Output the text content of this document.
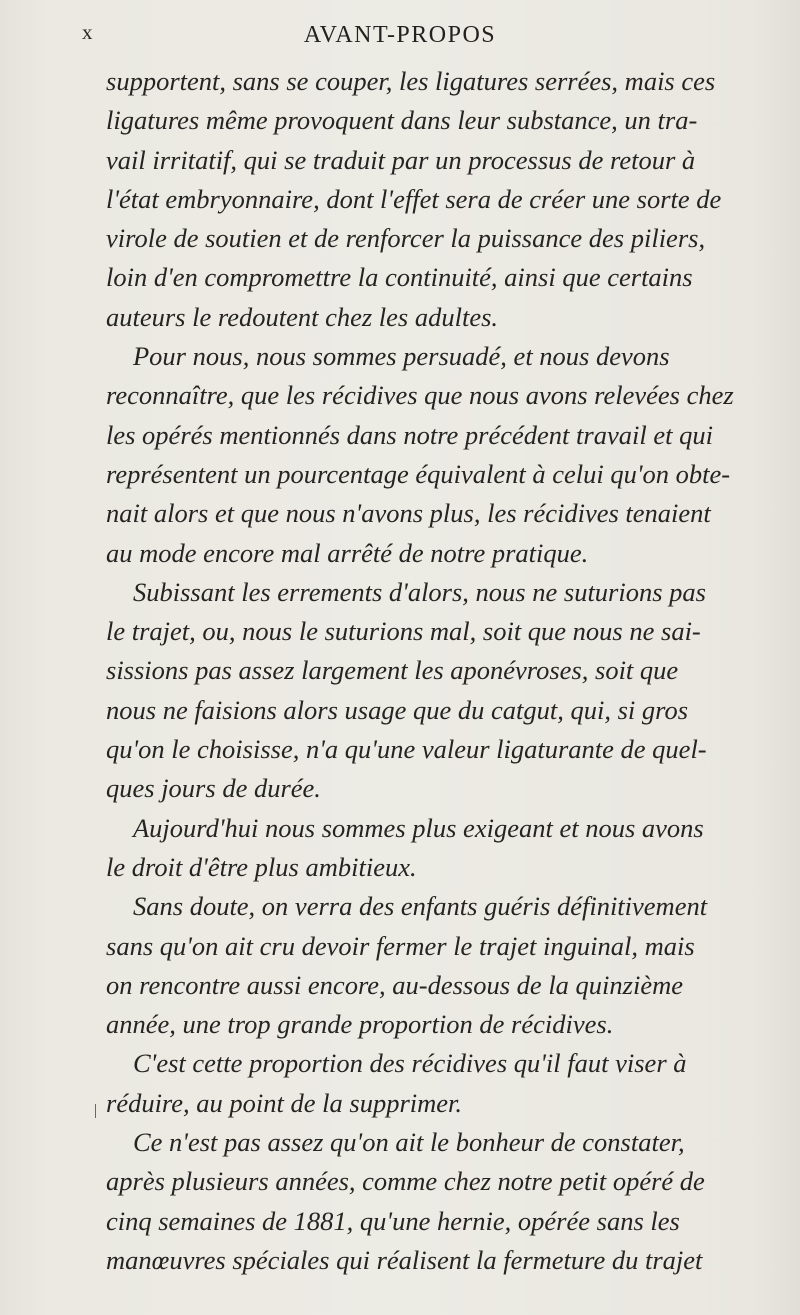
x	AVANT-PROPOS
supportent, sans se couper, les ligatures serrées, mais ces
ligatures même provoquent dans leur substance, un tra-
vail irritatif, qui se traduit par un processus de retour à
l'état embryonnaire, dont l'effet sera de créer une sorte de
virole de soutien et de renforcer la puissance des piliers,
loin d'en compromettre la continuité, ainsi que certains
auteurs le redoutent chez les adultes.
Pour nous, nous sommes persuadé, et nous devons
reconnaître, que les récidives que nous avons relevées chez
les opérés mentionnés dans notre précédent travail et qui
représentent un pourcentage équivalent à celui qu'on obte-
nait alors et que nous n'avons plus, les récidives tenaient
au mode encore mal arrêté de notre pratique.
Subissant les errements d'alors, nous ne suturions pas
le trajet, ou, nous le suturions mal, soit que nous ne sai-
sissions pas assez largement les aponévroses, soit que
nous ne faisions alors usage que du catgut, qui, si gros
qu'on le choisisse, n'a qu'une valeur ligaturante de quel-
ques jours de durée.
Aujourd'hui nous sommes plus exigeant et nous avons
le droit d'être plus ambitieux.
Sans doute, on verra des enfants guéris définitivement
sans qu'on ait cru devoir fermer le trajet inguinal, mais
on rencontre aussi encore, au-dessous de la quinzième
année, une trop grande proportion de récidives.
C'est cette proportion des récidives qu'il faut viser à
réduire, au point de la supprimer.
Ce n'est pas assez qu'on ait le bonheur de constater,
après plusieurs années, comme chez notre petit opéré de
cinq semaines de 1881, qu'une hernie, opérée sans les
manœuvres spéciales qui réalisent la fermeture du trajet
